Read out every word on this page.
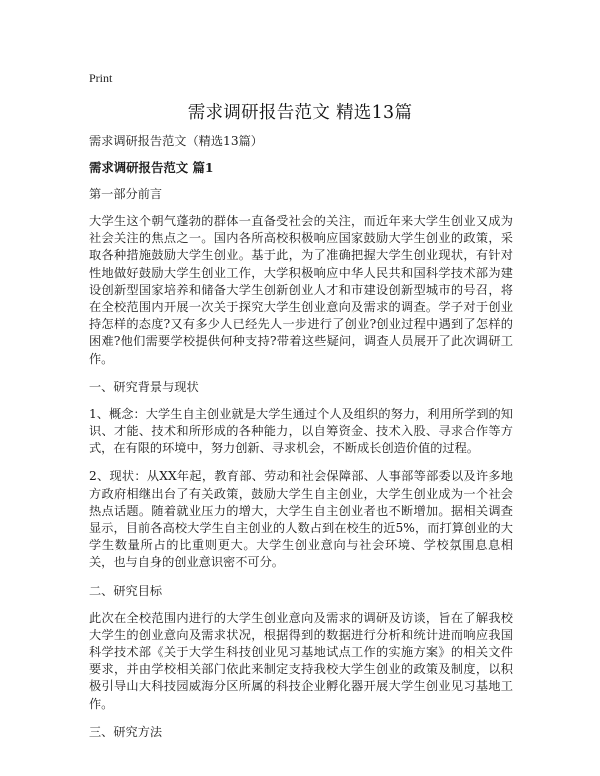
Print
需求调研报告范文 精选13篇

需求调研报告范文（精选13篇）

需求调研报告范文 篇1

第一部分前言

大学生这个朝气蓬勃的群体一直备受社会的关注，而近年来大学生创业又成为社会关注的焦点之一。国内各所高校积极响应国家鼓励大学生创业的政策，采取各种措施鼓励大学生创业。基于此，为了准确把握大学生创业现状，有针对性地做好鼓励大学生创业工作，大学积极响应中华人民共和国科学技术部为建设创新型国家培养和储备大学生创新创业人才和市建设创新型城市的号召，将在全校范围内开展一次关于探究大学生创业意向及需求的调查。学子对于创业持怎样的态度?又有多少人已经先人一步进行了创业?创业过程中遇到了怎样的困难?他们需要学校提供何种支持?带着这些疑问，调查人员展开了此次调研工作。

一、研究背景与现状

1、概念：大学生自主创业就是大学生通过个人及组织的努力，利用所学到的知识、才能、技术和所形成的各种能力，以自筹资金、技术入股、寻求合作等方式，在有限的环境中，努力创新、寻求机会，不断成长创造价值的过程。

2、现状：从XX年起，教育部、劳动和社会保障部、人事部等部委以及许多地方政府相继出台了有关政策，鼓励大学生自主创业，大学生创业成为一个社会热点话题。随着就业压力的增大，大学生自主创业者也不断增加。据相关调查显示，目前各高校大学生自主创业的人数占到在校生的近5%，而打算创业的大学生数量所占的比重则更大。大学生创业意向与社会环境、学校氛围息息相关，也与自身的创业意识密不可分。

二、研究目标

此次在全校范围内进行的大学生创业意向及需求的调研及访谈，旨在了解我校大学生的创业意向及需求状况，根据得到的数据进行分析和统计进而响应我国科学技术部《关于大学生科技创业见习基地试点工作的实施方案》的相关文件要求，并由学校相关部门依此来制定支持我校大学生创业的政策及制度，以积极引导山大科技园威海分区所属的科技企业孵化器开展大学生创业见习基地工作。

三、研究方法
